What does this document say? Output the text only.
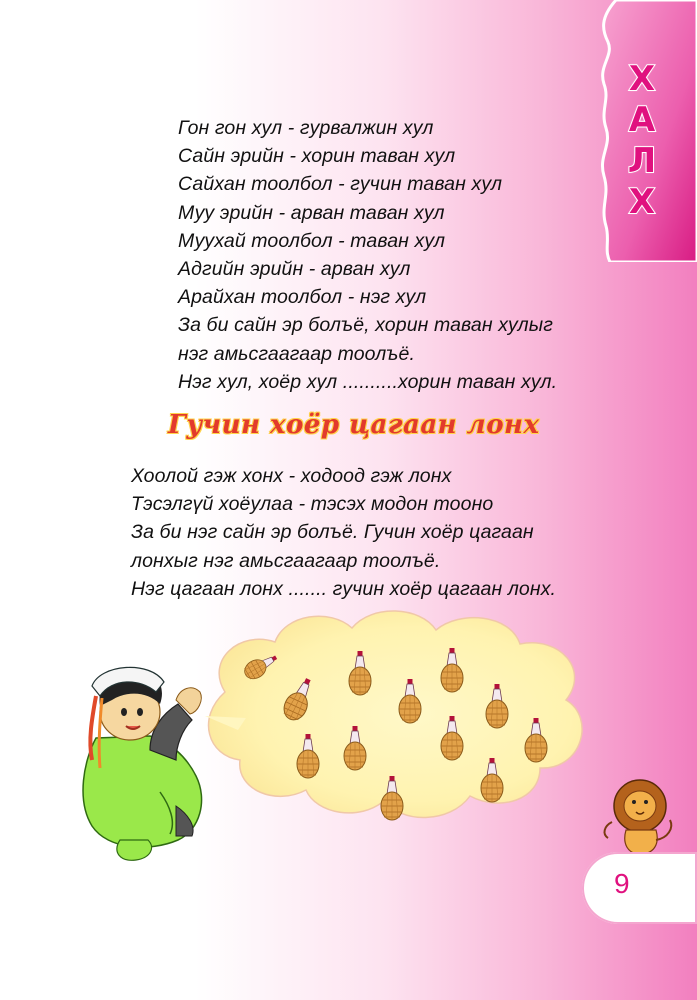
Х
А
Л
Х
Гон гон хул - гурвалжин хул
Сайн эрийн - хорин таван хул
Сайхан тоолбол - гучин таван хул
Муу эрийн - арван таван хул
Муухай тоолбол - таван хул
Адгийн эрийн - арван хул
Арайхан тоолбол - нэг хул
За би сайн эр болъё, хорин таван хулыг
нэг амьсгаагаар тоолъё.
Нэг хул, хоёр хул ..........хорин таван хул.
Гучин хоёр цагаан лонх
Хоолой гэж хонх - ходоод гэж лонх
Тэсэлгүй хоёулаа - тэсэх модон тооно
За би нэг сайн эр болъё. Гучин хоёр цагаан
лонхыг нэг амьсгаагаар тоолъё.
Нэг цагаан лонх ....... гучин хоёр цагаан лонх.
9
